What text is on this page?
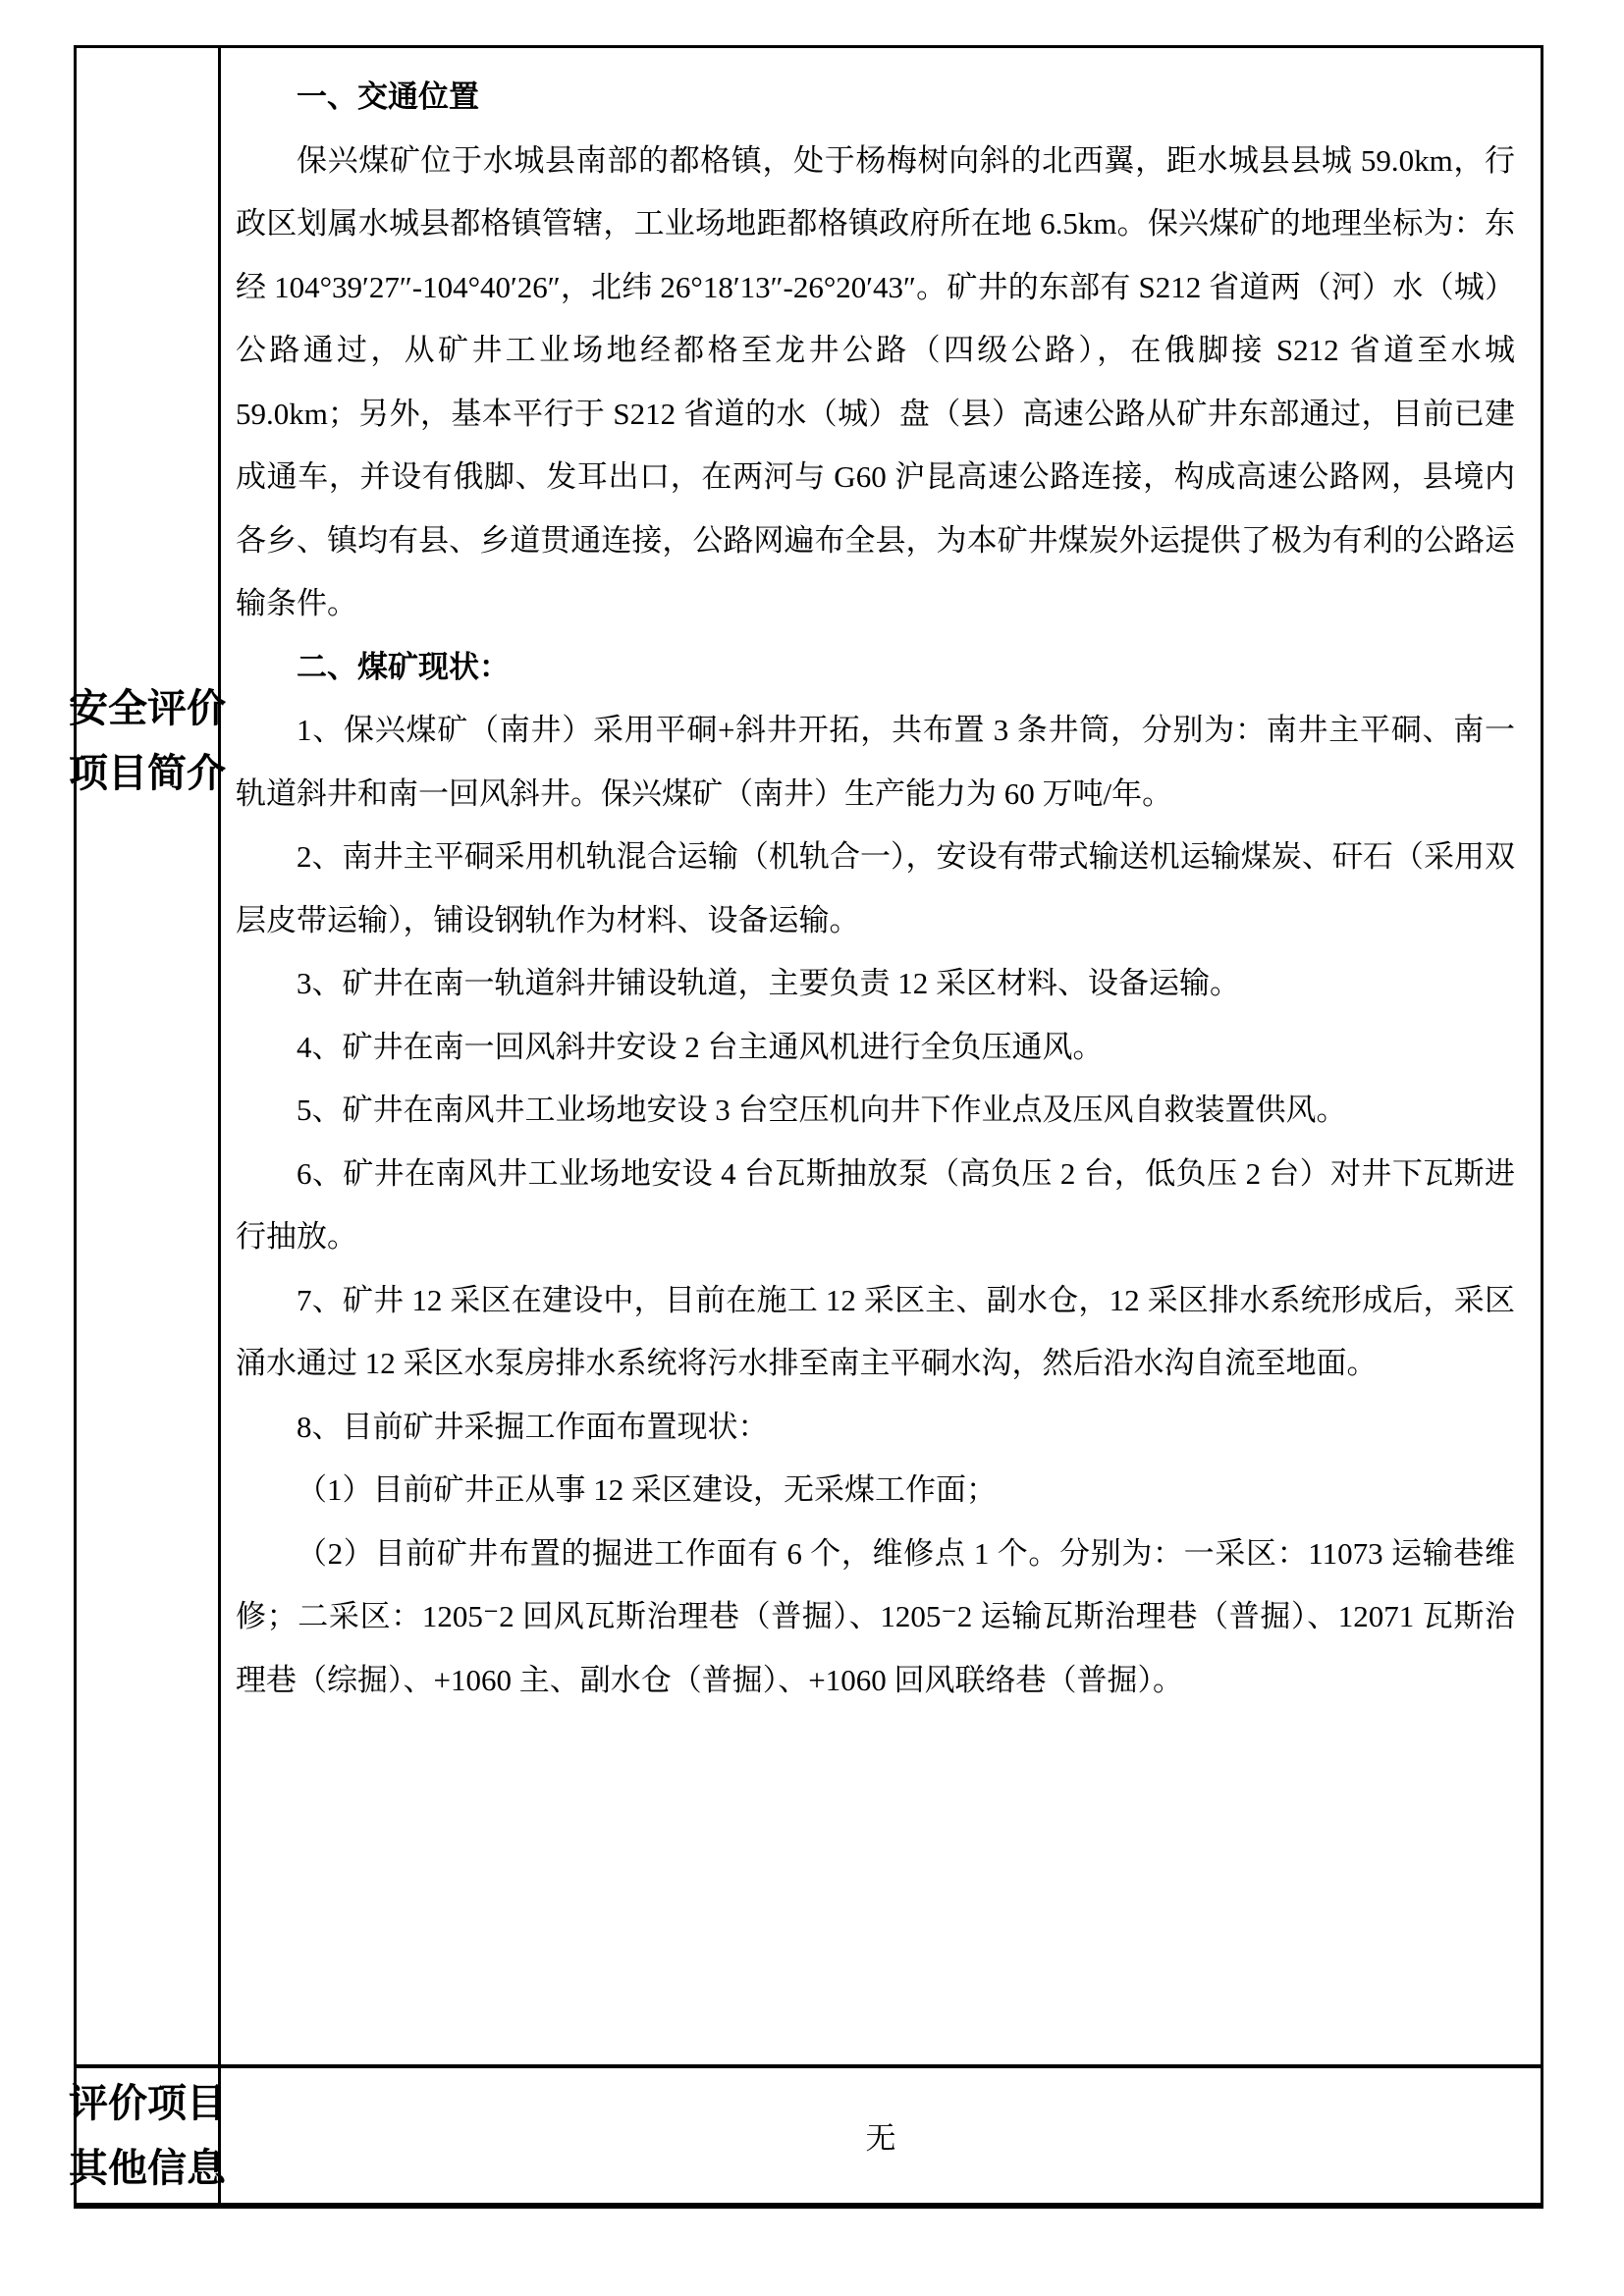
安全评价
项目简介

一、交通位置

保兴煤矿位于水城县南部的都格镇，处于杨梅树向斜的北西翼，距水城县县城 59.0km，行政区划属水城县都格镇管辖，工业场地距都格镇政府所在地 6.5km。保兴煤矿的地理坐标为：东经 104°39′27″-104°40′26″，北纬 26°18′13″-26°20′43″。矿井的东部有 S212 省道两（河）水（城）公路通过，从矿井工业场地经都格至龙井公路（四级公路），在俄脚接 S212 省道至水城 59.0km；另外，基本平行于 S212 省道的水（城）盘（县）高速公路从矿井东部通过，目前已建成通车，并设有俄脚、发耳出口，在两河与 G60 沪昆高速公路连接，构成高速公路网，县境内各乡、镇均有县、乡道贯通连接，公路网遍布全县，为本矿井煤炭外运提供了极为有利的公路运输条件。

二、煤矿现状：

1、保兴煤矿（南井）采用平硐+斜井开拓，共布置 3 条井筒，分别为：南井主平硐、南一轨道斜井和南一回风斜井。保兴煤矿（南井）生产能力为 60 万吨/年。

2、南井主平硐采用机轨混合运输（机轨合一），安设有带式输送机运输煤炭、矸石（采用双层皮带运输），铺设钢轨作为材料、设备运输。

3、矿井在南一轨道斜井铺设轨道，主要负责 12 采区材料、设备运输。

4、矿井在南一回风斜井安设 2 台主通风机进行全负压通风。

5、矿井在南风井工业场地安设 3 台空压机向井下作业点及压风自救装置供风。

6、矿井在南风井工业场地安设 4 台瓦斯抽放泵（高负压 2 台，低负压 2 台）对井下瓦斯进行抽放。

7、矿井 12 采区在建设中，目前在施工 12 采区主、副水仓，12 采区排水系统形成后，采区涌水通过 12 采区水泵房排水系统将污水排至南主平硐水沟，然后沿水沟自流至地面。

8、目前矿井采掘工作面布置现状：

（1）目前矿井正从事 12 采区建设，无采煤工作面；

（2）目前矿井布置的掘进工作面有 6 个，维修点 1 个。分别为：一采区：11073 运输巷维修；二采区：1205⁻2 回风瓦斯治理巷（普掘）、1205⁻2 运输瓦斯治理巷（普掘）、12071 瓦斯治理巷（综掘）、+1060 主、副水仓（普掘）、+1060 回风联络巷（普掘）。

评价项目
其他信息
无
